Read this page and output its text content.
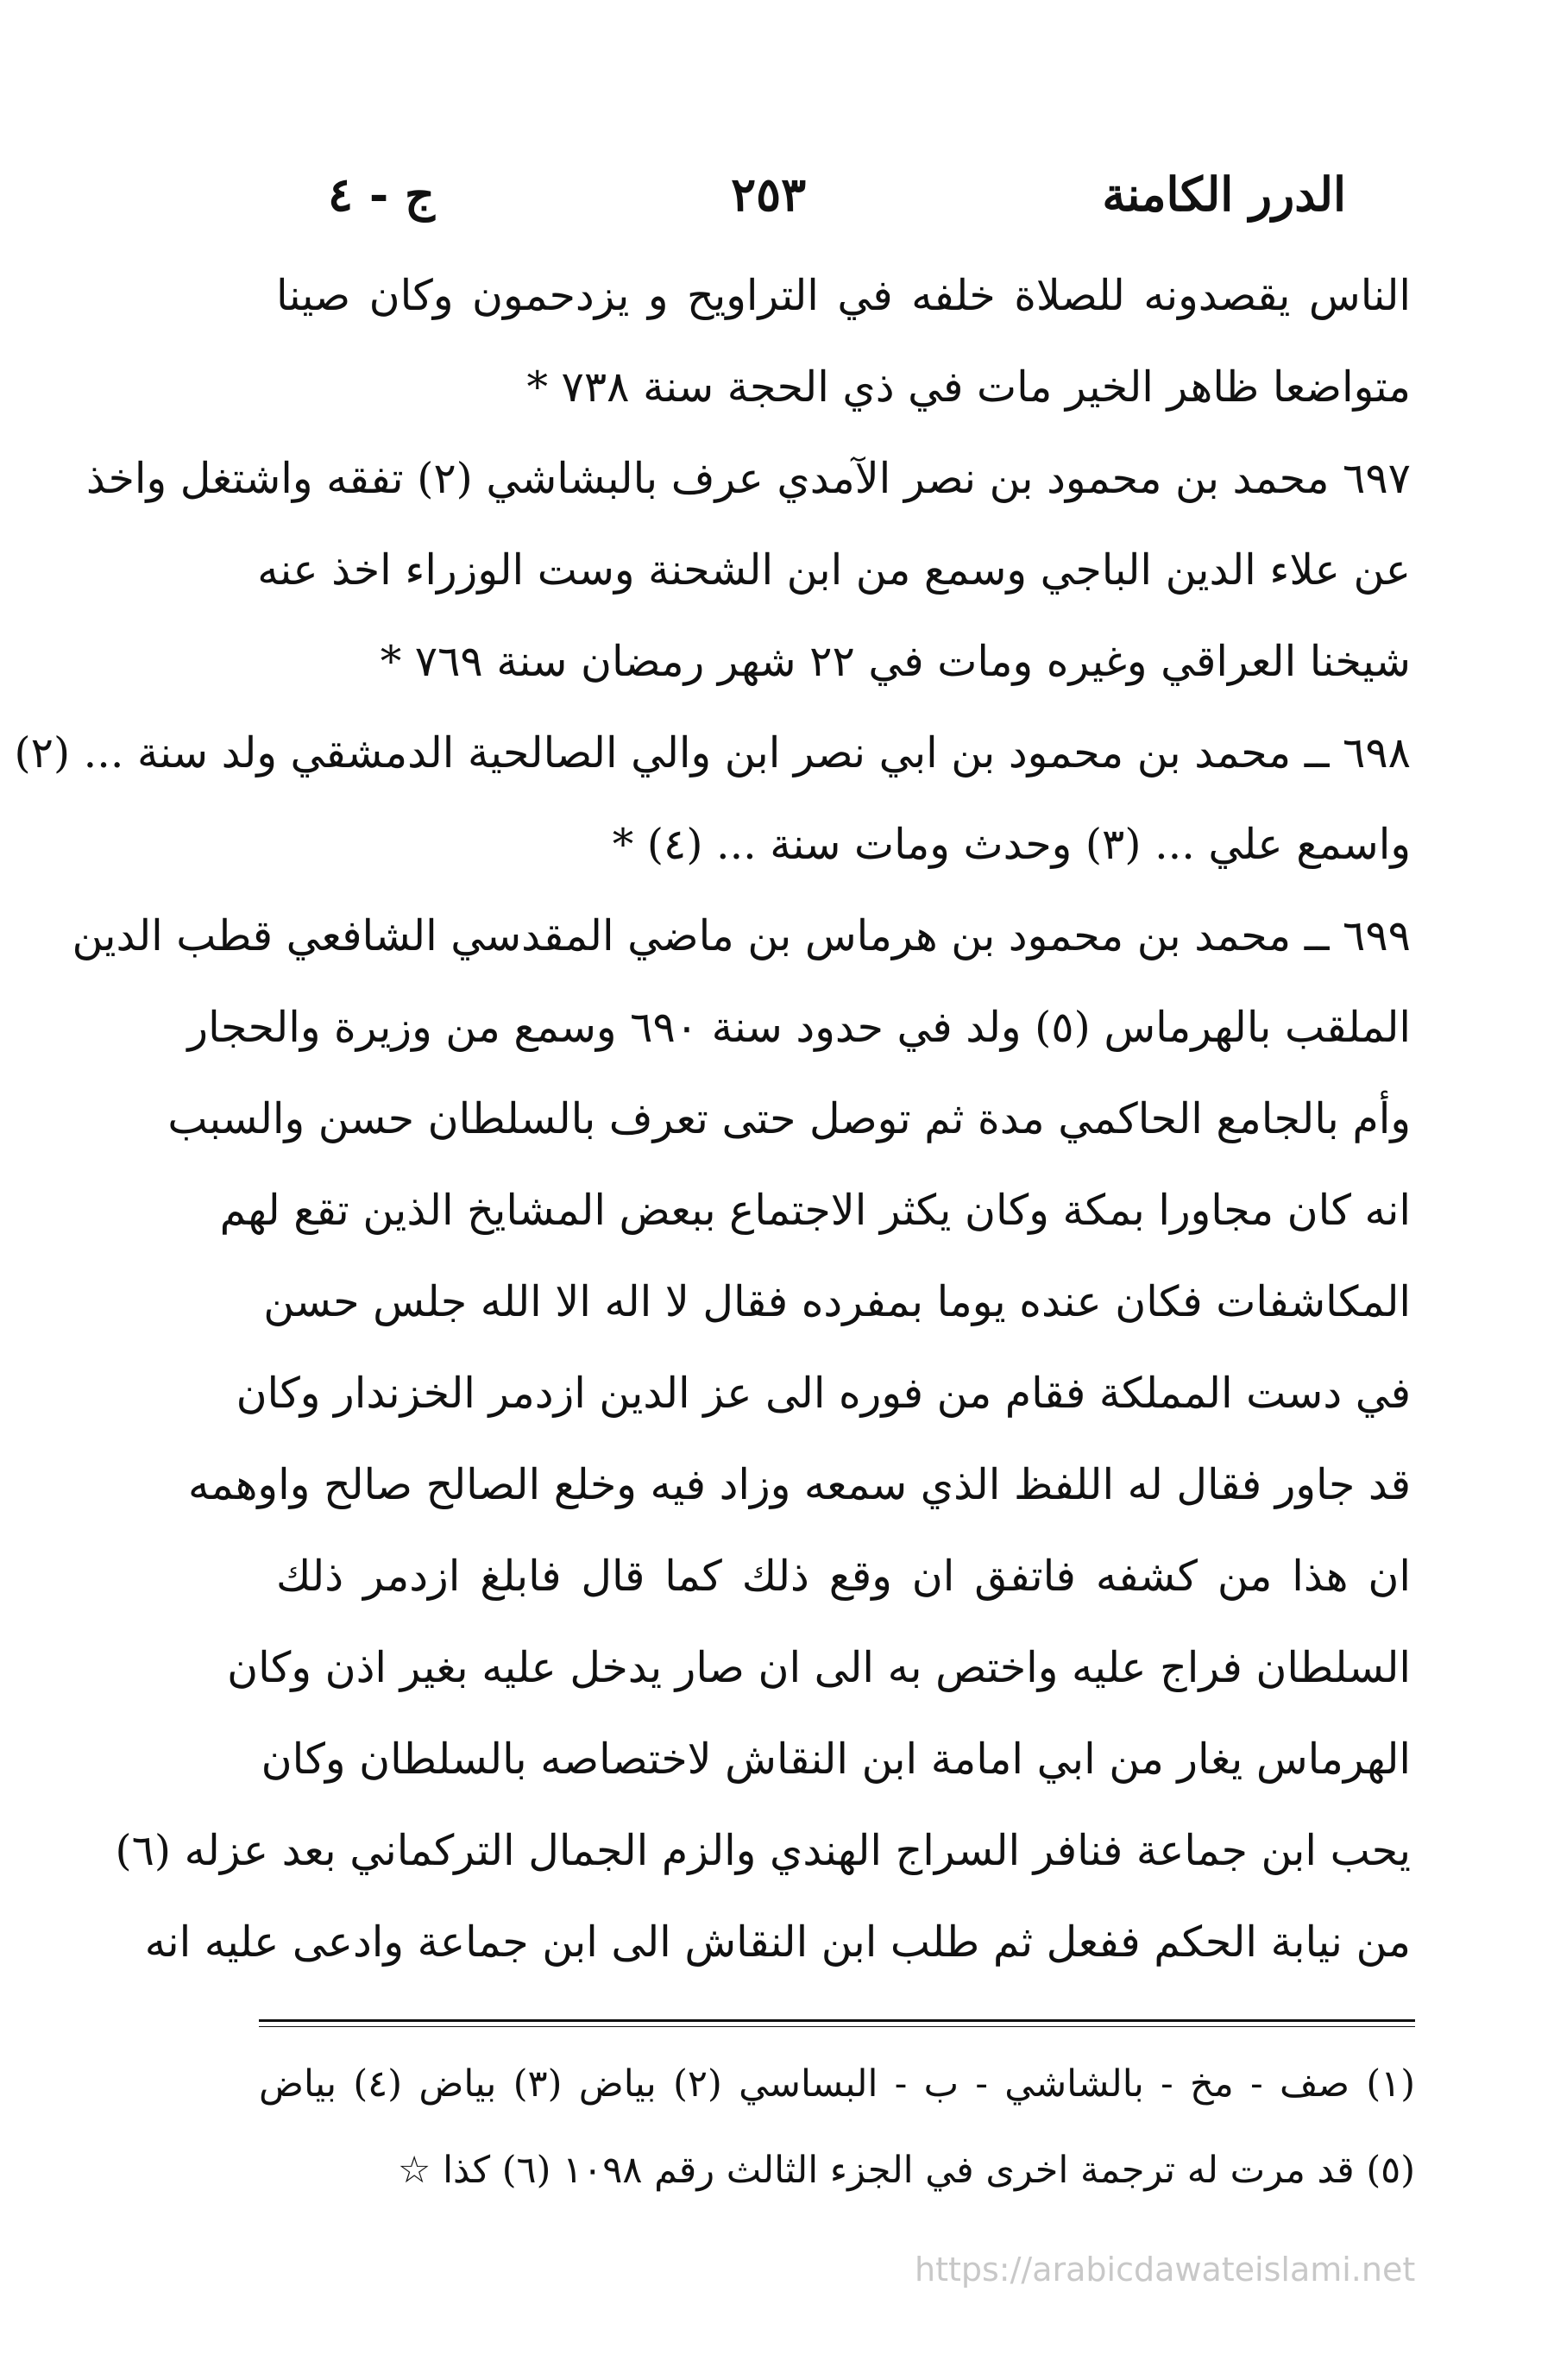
الدرر الكامنة
٢٥٣
ج - ٤
الناس يقصدونه للصلاة خلفه في التراويح و يزدحمون وكان صينا
متواضعا ظاهر الخير مات في ذي الحجة سنة ٧٣٨ *
٦٩٧ محمد بن محمود بن نصر الآمدي عرف بالبشاشي (٢) تفقه واشتغل واخذ
عن علاء الدين الباجي وسمع من ابن الشحنة وست الوزراء اخذ عنه
شيخنا العراقي وغيره ومات في ٢٢ شهر رمضان سنة ٧٦٩ *
٦٩٨ ــ محمد بن محمود بن ابي نصر ابن والي الصالحية الدمشقي ولد سنة ... (٢)
واسمع علي ... (٣) وحدث ومات سنة ... (٤) *
٦٩٩ ــ محمد بن محمود بن هرماس بن ماضي المقدسي الشافعي قطب الدين
الملقب بالهرماس (٥) ولد في حدود سنة ٦٩٠ وسمع من وزيرة والحجار
وأم بالجامع الحاكمي مدة ثم توصل حتى تعرف بالسلطان حسن والسبب
انه كان مجاورا بمكة وكان يكثر الاجتماع ببعض المشايخ الذين تقع لهم
المكاشفات فكان عنده يوما بمفرده فقال لا اله الا الله جلس حسن
في دست المملكة فقام من فوره الى عز الدين ازدمر الخزندار وكان
قد جاور فقال له اللفظ الذي سمعه وزاد فيه وخلع الصالح صالح واوهمه
ان هذا من كشفه فاتفق ان وقع ذلك كما قال فابلغ ازدمر ذلك
السلطان فراج عليه واختص به الى ان صار يدخل عليه بغير اذن وكان
الهرماس يغار من ابي امامة ابن النقاش لاختصاصه بالسلطان وكان
يحب ابن جماعة فنافر السراج الهندي والزم الجمال التركماني بعد عزله (٦)
من نيابة الحكم ففعل ثم طلب ابن النقاش الى ابن جماعة وادعى عليه انه
(١) صف - مخ - بالشاشي - ب - البساسي (٢) بياض (٣) بياض (٤) بياض
(٥) قد مرت له ترجمة اخرى في الجزء الثالث رقم ١٠٩٨ (٦) كذا ☆
https://arabicdawateislami.net
